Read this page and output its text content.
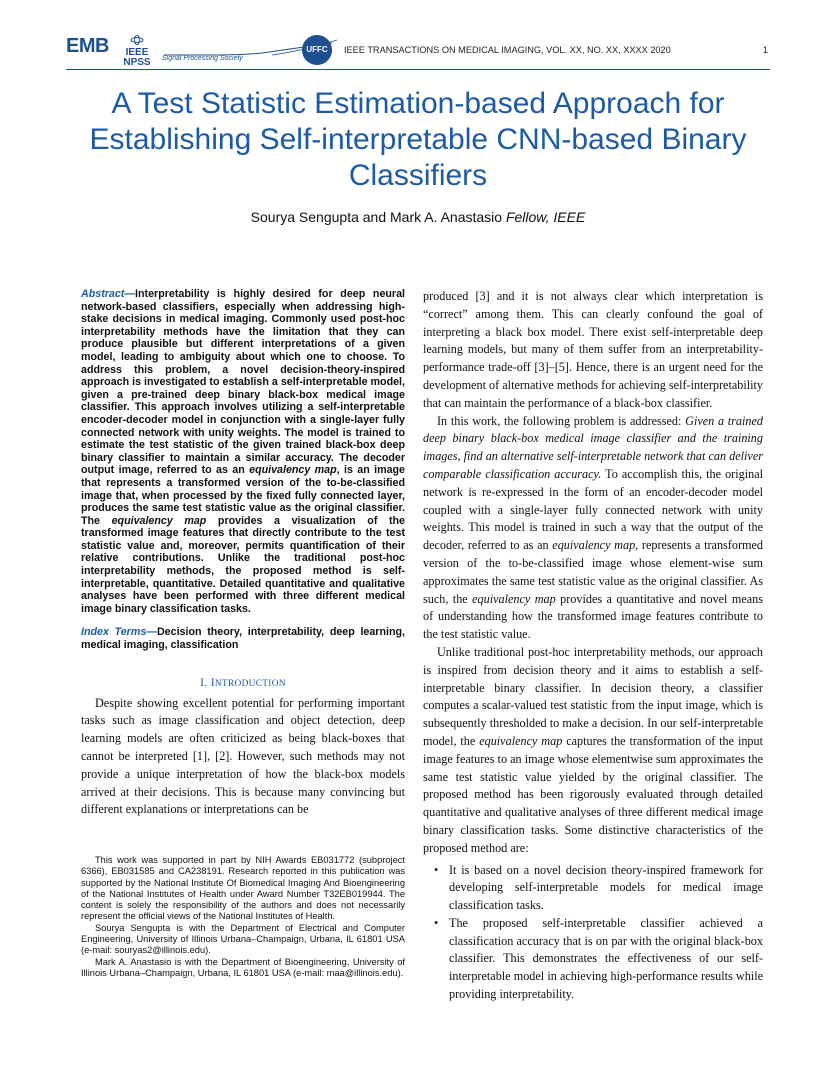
EMB	IEEE NPSS	Signal Processing Society
UFFC	IEEE TRANSACTIONS ON MEDICAL IMAGING, VOL. XX, NO. XX, XXXX 2020	1
A Test Statistic Estimation-based Approach for Establishing Self-interpretable CNN-based Binary Classifiers
Sourya Sengupta and Mark A. Anastasio Fellow, IEEE
Abstract—Interpretability is highly desired for deep neural network-based classifiers, especially when addressing high-stake decisions in medical imaging. Commonly used post-hoc interpretability methods have the limitation that they can produce plausible but different interpretations of a given model, leading to ambiguity about which one to choose. To address this problem, a novel decision-theory-inspired approach is investigated to establish a self-interpretable model, given a pre-trained deep binary black-box medical image classifier. This approach involves utilizing a self-interpretable encoder-decoder model in conjunction with a single-layer fully connected network with unity weights. The model is trained to estimate the test statistic of the given trained black-box deep binary classifier to maintain a similar accuracy. The decoder output image, referred to as an equivalency map, is an image that represents a transformed version of the to-be-classified image that, when processed by the fixed fully connected layer, produces the same test statistic value as the original classifier. The equivalency map provides a visualization of the transformed image features that directly contribute to the test statistic value and, moreover, permits quantification of their relative contributions. Unlike the traditional post-hoc interpretability methods, the proposed method is self-interpretable, quantitative. Detailed quantitative and qualitative analyses have been performed with three different medical image binary classification tasks.
Index Terms—Decision theory, interpretability, deep learning, medical imaging, classification
I. INTRODUCTION

Despite showing excellent potential for performing important tasks such as image classification and object detection, deep learning models are often criticized as being black-boxes that cannot be interpreted [1], [2]. However, such methods may not provide a unique interpretation of how the black-box models arrived at their decisions. This is because many convincing but different explanations or interpretations can be

This work was supported in part by NIH Awards EB031772 (subproject 6366), EB031585 and CA238191. Research reported in this publication was supported by the National Institute Of Biomedical Imaging And Bioengineering of the National Institutes of Health under Award Number T32EB019944. The content is solely the responsibility of the authors and does not necessarily represent the official views of the National Institutes of Health.

Sourya Sengupta is with the Department of Electrical and Computer Engineering, University of Illinois Urbana–Champaign, Urbana, IL 61801 USA (e-mail: souryas2@illinois.edu).

Mark A. Anastasio is with the Department of Bioengineering, University of Illinois Urbana–Champaign, Urbana, IL 61801 USA (e-mail: maa@illinois.edu).

produced [3] and it is not always clear which interpretation is “correct” among them. This can clearly confound the goal of interpreting a black box model. There exist self-interpretable deep learning models, but many of them suffer from an interpretability-performance trade-off [3]–[5]. Hence, there is an urgent need for the development of alternative methods for achieving self-interpretability that can maintain the performance of a black-box classifier.

In this work, the following problem is addressed: Given a trained deep binary black-box medical image classifier and the training images, find an alternative self-interpretable network that can deliver comparable classification accuracy. To accomplish this, the original network is re-expressed in the form of an encoder-decoder model coupled with a single-layer fully connected network with unity weights. This model is trained in such a way that the output of the decoder, referred to as an equivalency map, represents a transformed version of the to-be-classified image whose element-wise sum approximates the same test statistic value as the original classifier. As such, the equivalency map provides a quantitative and novel means of understanding how the transformed image features contribute to the test statistic value.

Unlike traditional post-hoc interpretability methods, our approach is inspired from decision theory and it aims to establish a self-interpretable binary classifier. In decision theory, a classifier computes a scalar-valued test statistic from the input image, which is subsequently thresholded to make a decision. In our self-interpretable model, the equivalency map captures the transformation of the input image features to an image whose elementwise sum approximates the same test statistic value yielded by the original classifier. The proposed method has been rigorously evaluated through detailed quantitative and qualitative analyses of three different medical image binary classification tasks. Some distinctive characteristics of the proposed method are:

• It is based on a novel decision theory-inspired framework for developing self-interpretable models for medical image classification tasks.
• The proposed self-interpretable classifier achieved a classification accuracy that is on par with the original black-box classifier. This demonstrates the effectiveness of our self-interpretable model in achieving high-performance results while providing interpretability.
